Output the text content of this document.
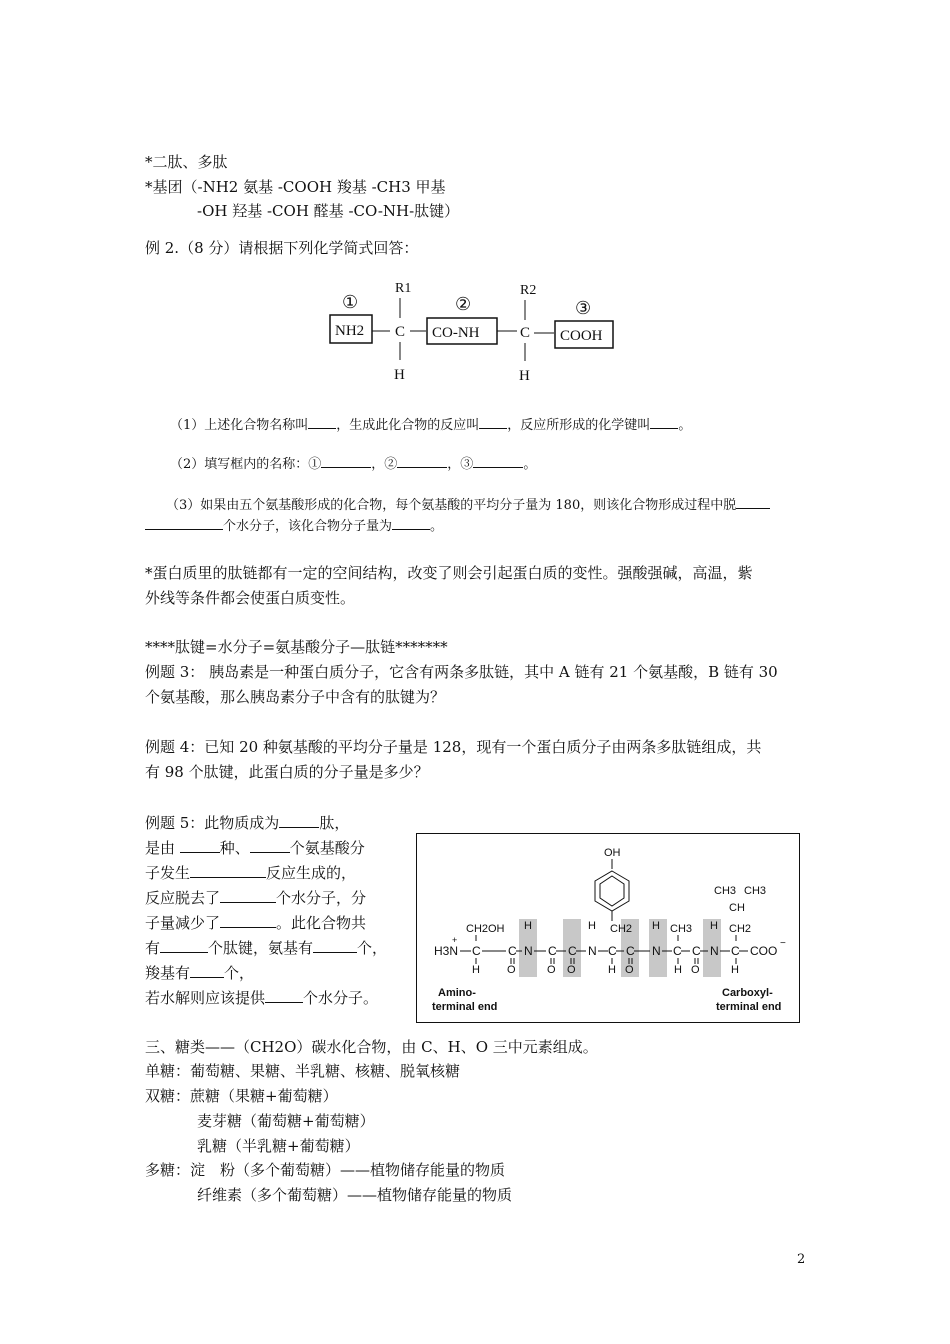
*二肽、多肽
*基团（-NH2 氨基 -COOH 羧基 -CH3 甲基
-OH 羟基 -COH 醛基 -CO-NH-肽键）
例 2.（8 分）请根据下列化学简式回答：
①
R1
②
R2
③
NH2 C
H
CO-NH	C
H
COOH
（1）上述化合物名称叫 ，生成此化合物的反应叫 ，反应所形成的化学键叫 。
（2）填写框内的名称：①	，②	，③	。
（3）如果由五个氨基酸形成的化合物，每个氨基酸的平均分子量为 180，则该化合物形成过程中脱
个水分子，该化合物分子量为	。
*蛋白质里的肽链都有一定的空间结构，改变了则会引起蛋白质的变性。强酸强碱，高温，紫
外线等条件都会使蛋白质变性。
****肽键=水分子=氨基酸分子—肽链*******
例题 3： 胰岛素是一种蛋白质分子，它含有两条多肽链，其中 A 链有 21 个氨基酸，B 链有 30
个氨基酸，那么胰岛素分子中含有的肽键为？
例题 4：已知 20 种氨基酸的平均分子量是 128，现有一个蛋白质分子由两条多肽链组成，共
有 98 个肽键，此蛋白质的分子量是多少？
例题 5：此物质成为	肽，
是由	种、	个氨基酸分
子发生	反应生成的，
反应脱去了	个水分子，分
子量减少了	。此化合物共
有	个肽键，氨基有	个，
羧基有 个，
若水解则应该提供	个水分子。
OH
CH2
CH3 CH3
CH
CH2
CH2OH	CH3
H3N
+
C C N C C N C C N C C N C COO
−
H	H	H	H
H	H	H	H
O	O O	O	O
Amino-
terminal end
Carboxyl-
terminal end
三、糖类——（CH2O）碳水化合物，由 C、H、O 三中元素组成。
单糖：葡萄糖、果糖、半乳糖、核糖、脱氧核糖
双糖：蔗糖（果糖+葡萄糖）
麦芽糖（葡萄糖+葡萄糖）
乳糖（半乳糖+葡萄糖）
多糖：淀　粉（多个葡萄糖）——植物储存能量的物质
纤维素（多个葡萄糖）——植物储存能量的物质
2
